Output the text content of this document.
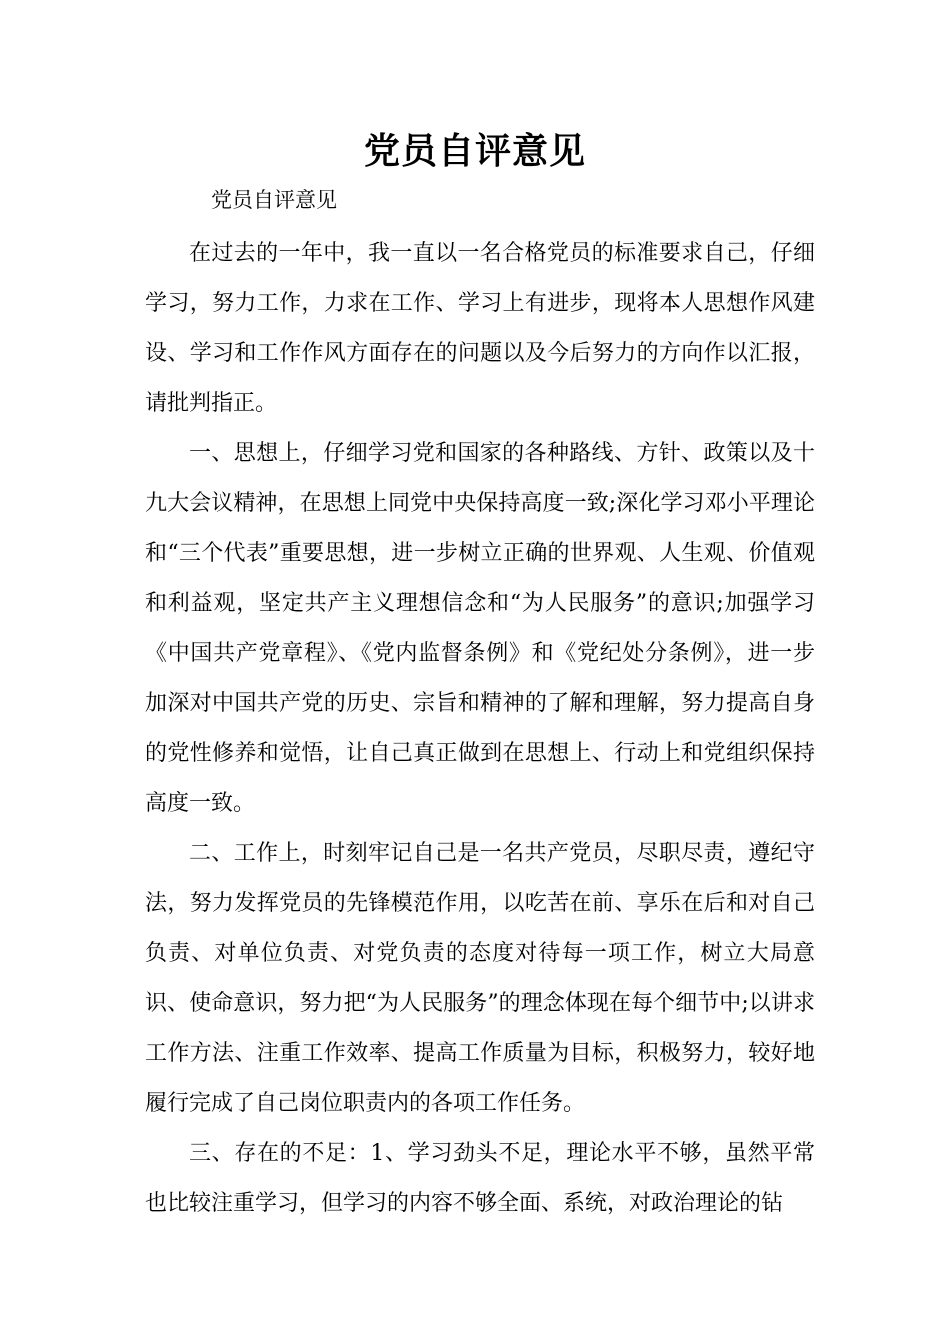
党员自评意见

党员自评意见

在过去的一年中，我一直以一名合格党员的标准要求自己，仔细学习，努力工作，力求在工作、学习上有进步，现将本人思想作风建设、学习和工作作风方面存在的问题以及今后努力的方向作以汇报，请批判指正。

一、思想上，仔细学习党和国家的各种路线、方针、政策以及十九大会议精神，在思想上同党中央保持高度一致;深化学习邓小平理论和“三个代表”重要思想，进一步树立正确的世界观、人生观、价值观和利益观，坚定共产主义理想信念和“为人民服务”的意识;加强学习《中国共产党章程》、《党内监督条例》和《党纪处分条例》，进一步加深对中国共产党的历史、宗旨和精神的了解和理解，努力提高自身的党性修养和觉悟，让自己真正做到在思想上、行动上和党组织保持高度一致。

二、工作上，时刻牢记自己是一名共产党员，尽职尽责，遵纪守法，努力发挥党员的先锋模范作用，以吃苦在前、享乐在后和对自己负责、对单位负责、对党负责的态度对待每一项工作，树立大局意识、使命意识，努力把“为人民服务”的理念体现在每个细节中;以讲求工作方法、注重工作效率、提高工作质量为目标，积极努力，较好地履行完成了自己岗位职责内的各项工作任务。

三、存在的不足：1、学习劲头不足，理论水平不够，虽然平常也比较注重学习，但学习的内容不够全面、系统，对政治理论的钻
